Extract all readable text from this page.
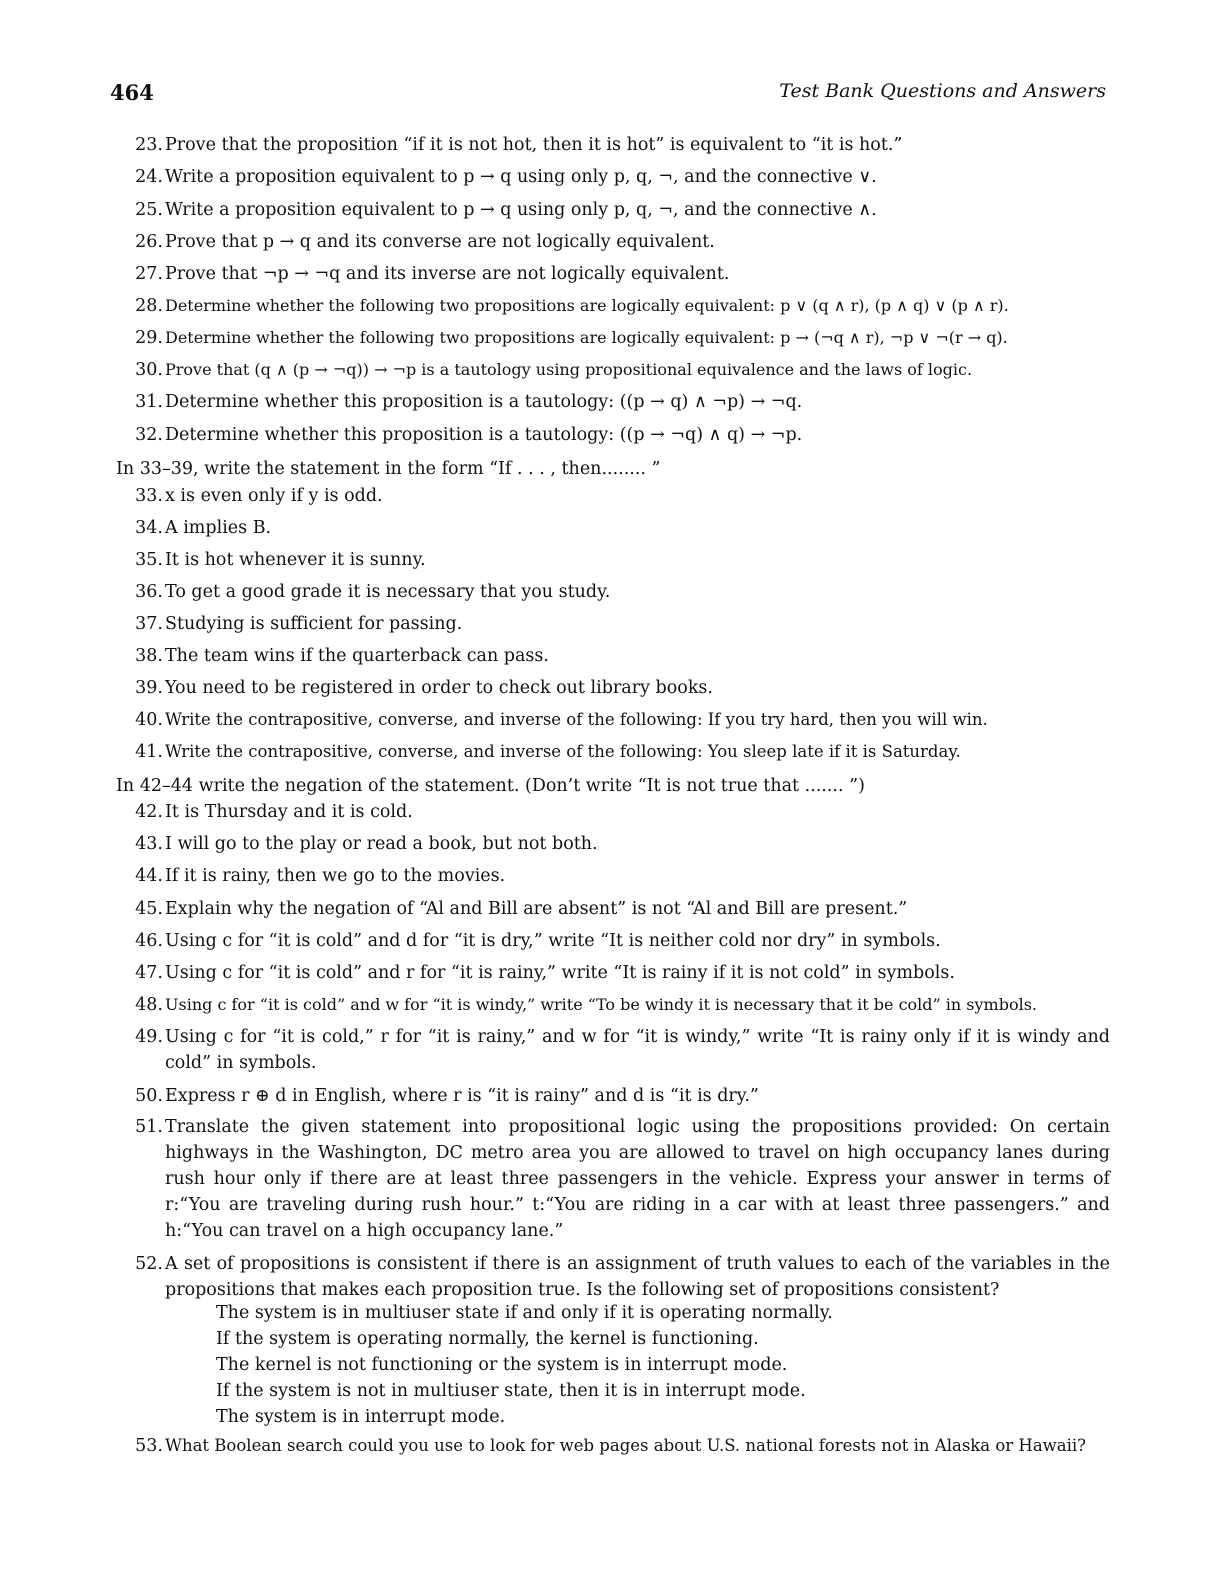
464	Test Bank Questions and Answers
23. Prove that the proposition “if it is not hot, then it is hot” is equivalent to “it is hot.”
24. Write a proposition equivalent to p → q using only p, q, ¬, and the connective ∨.
25. Write a proposition equivalent to p → q using only p, q, ¬, and the connective ∧.
26. Prove that p → q and its converse are not logically equivalent.
27. Prove that ¬p → ¬q and its inverse are not logically equivalent.
28. Determine whether the following two propositions are logically equivalent: p ∨ (q ∧ r), (p ∧ q) ∨ (p ∧ r).
29. Determine whether the following two propositions are logically equivalent: p → (¬q ∧ r), ¬p ∨ ¬(r → q).
30. Prove that (q ∧ (p → ¬q)) → ¬p is a tautology using propositional equivalence and the laws of logic.
31. Determine whether this proposition is a tautology: ((p → q) ∧ ¬p) → ¬q.
32. Determine whether this proposition is a tautology: ((p → ¬q) ∧ q) → ¬p.
In 33–39, write the statement in the form “If . . . , then........ ”
33. x is even only if y is odd.
34. A implies B.
35. It is hot whenever it is sunny.
36. To get a good grade it is necessary that you study.
37. Studying is sufficient for passing.
38. The team wins if the quarterback can pass.
39. You need to be registered in order to check out library books.
40. Write the contrapositive, converse, and inverse of the following: If you try hard, then you will win.
41. Write the contrapositive, converse, and inverse of the following: You sleep late if it is Saturday.
In 42–44 write the negation of the statement. (Don’t write “It is not true that ....... ”)
42. It is Thursday and it is cold.
43. I will go to the play or read a book, but not both.
44. If it is rainy, then we go to the movies.
45. Explain why the negation of “Al and Bill are absent” is not “Al and Bill are present.”
46. Using c for “it is cold” and d for “it is dry,” write “It is neither cold nor dry” in symbols.
47. Using c for “it is cold” and r for “it is rainy,” write “It is rainy if it is not cold” in symbols.
48. Using c for “it is cold” and w for “it is windy,” write “To be windy it is necessary that it be cold” in symbols.
49. Using c for “it is cold,” r for “it is rainy,” and w for “it is windy,” write “It is rainy only if it is windy and cold” in symbols.
50. Express r ⊕ d in English, where r is “it is rainy” and d is “it is dry.”
51. Translate the given statement into propositional logic using the propositions provided: On certain highways in the Washington, DC metro area you are allowed to travel on high occupancy lanes during rush hour only if there are at least three passengers in the vehicle. Express your answer in terms of r:“You are traveling during rush hour.” t:“You are riding in a car with at least three passengers.” and h:“You can travel on a high occupancy lane.”
52. A set of propositions is consistent if there is an assignment of truth values to each of the variables in the propositions that makes each proposition true. Is the following set of propositions consistent?
The system is in multiuser state if and only if it is operating normally.
If the system is operating normally, the kernel is functioning.
The kernel is not functioning or the system is in interrupt mode.
If the system is not in multiuser state, then it is in interrupt mode.
The system is in interrupt mode.
53. What Boolean search could you use to look for web pages about U.S. national forests not in Alaska or Hawaii?
